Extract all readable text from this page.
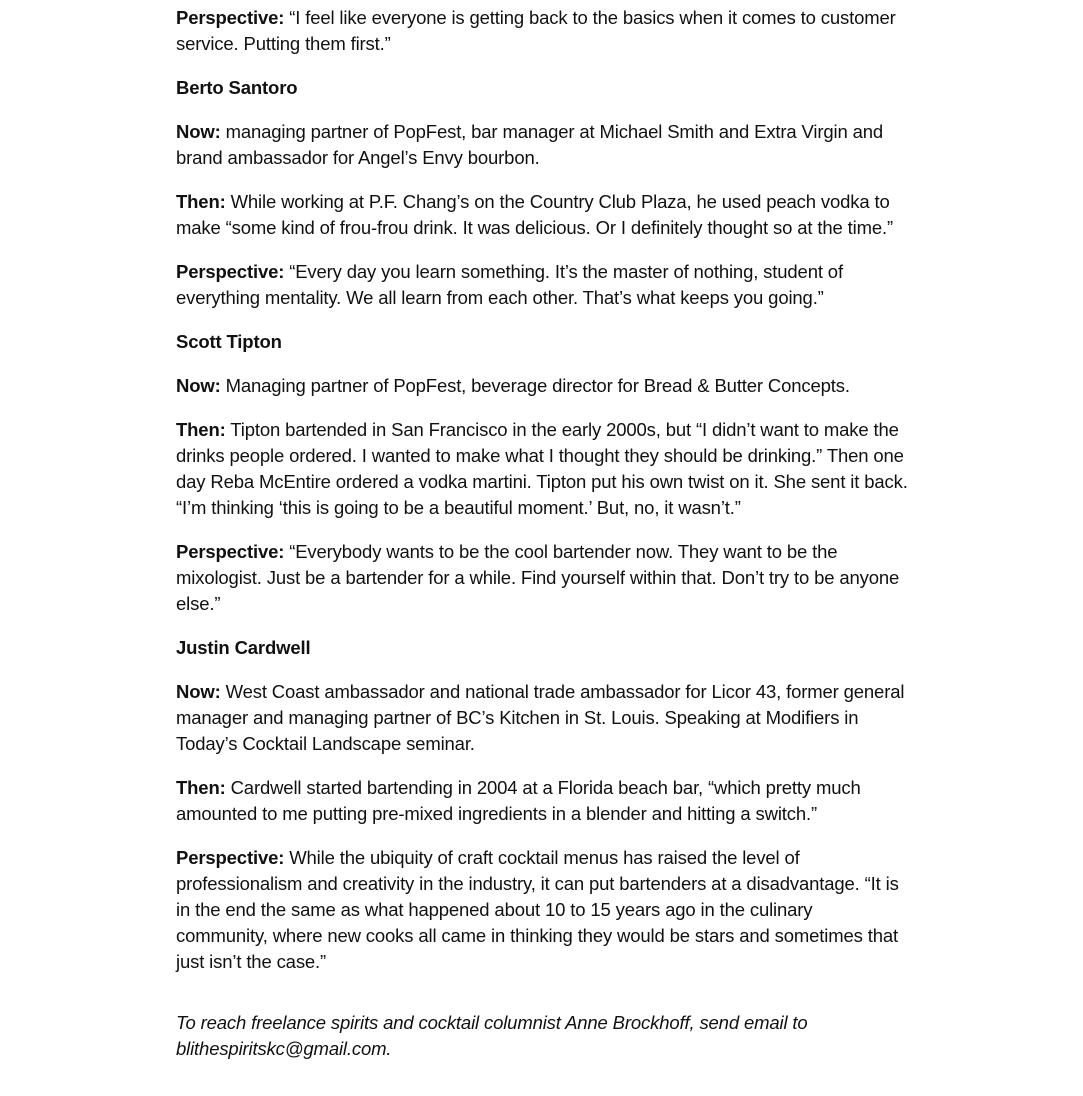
Perspective: “I feel like everyone is getting back to the basics when it comes to customer service. Putting them first.”

Berto Santoro

Now: managing partner of PopFest, bar manager at Michael Smith and Extra Virgin and brand ambassador for Angel’s Envy bourbon.

Then: While working at P.F. Chang’s on the Country Club Plaza, he used peach vodka to make “some kind of frou-frou drink. It was delicious. Or I definitely thought so at the time.”

Perspective: “Every day you learn something. It’s the master of nothing, student of everything mentality. We all learn from each other. That’s what keeps you going.”

Scott Tipton

Now: Managing partner of PopFest, beverage director for Bread & Butter Concepts.

Then: Tipton bartended in San Francisco in the early 2000s, but “I didn’t want to make the drinks people ordered. I wanted to make what I thought they should be drinking.” Then one day Reba McEntire ordered a vodka martini. Tipton put his own twist on it. She sent it back. “I’m thinking ‘this is going to be a beautiful moment.’ But, no, it wasn’t.”

Perspective: “Everybody wants to be the cool bartender now. They want to be the mixologist. Just be a bartender for a while. Find yourself within that. Don’t try to be anyone else.”

Justin Cardwell

Now: West Coast ambassador and national trade ambassador for Licor 43, former general manager and managing partner of BC’s Kitchen in St. Louis. Speaking at Modifiers in Today’s Cocktail Landscape seminar.

Then: Cardwell started bartending in 2004 at a Florida beach bar, “which pretty much amounted to me putting pre-mixed ingredients in a blender and hitting a switch.”

Perspective: While the ubiquity of craft cocktail menus has raised the level of professionalism and creativity in the industry, it can put bartenders at a disadvantage. “It is in the end the same as what happened about 10 to 15 years ago in the culinary community, where new cooks all came in thinking they would be stars and sometimes that just isn’t the case.”

To reach freelance spirits and cocktail columnist Anne Brockhoff, send email to blithespiritskc@gmail.com.
